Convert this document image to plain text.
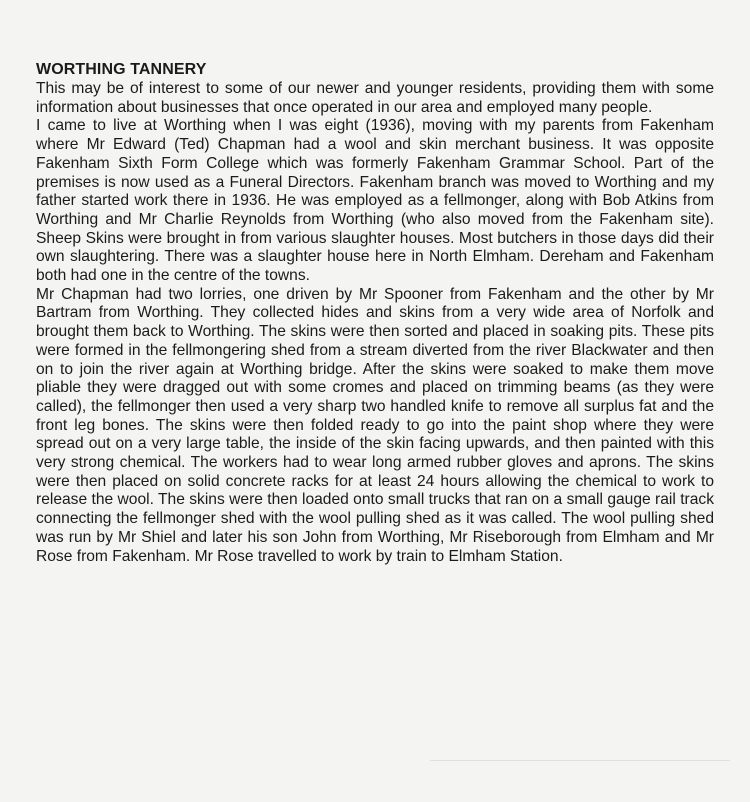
WORTHING TANNERY

This may be of interest to some of our newer and younger residents, providing them with some information about businesses that once operated in our area and employed many people.

I came to live at Worthing when I was eight (1936), moving with my parents from Fakenham where Mr Edward (Ted) Chapman had a wool and skin merchant business. It was opposite Fakenham Sixth Form College which was formerly Fakenham Grammar School. Part of the premises is now used as a Funeral Directors. Fakenham branch was moved to Worthing and my father started work there in 1936. He was employed as a fellmonger, along with Bob Atkins from Worthing and Mr Charlie Reynolds from Worthing (who also moved from the Fakenham site). Sheep Skins were brought in from various slaughter houses. Most butchers in those days did their own slaughtering. There was a slaughter house here in North Elmham. Dereham and Fakenham both had one in the centre of the towns.

Mr Chapman had two lorries, one driven by Mr Spooner from Fakenham and the other by Mr Bartram from Worthing. They collected hides and skins from a very wide area of Norfolk and brought them back to Worthing. The skins were then sorted and placed in soaking pits. These pits were formed in the fellmongering shed from a stream diverted from the river Blackwater and then on to join the river again at Worthing bridge. After the skins were soaked to make them move pliable they were dragged out with some cromes and placed on trimming beams (as they were called), the fellmonger then used a very sharp two handled knife to remove all surplus fat and the front leg bones. The skins were then folded ready to go into the paint shop where they were spread out on a very large table, the inside of the skin facing upwards, and then painted with this very strong chemical. The workers had to wear long armed rubber gloves and aprons. The skins were then placed on solid concrete racks for at least 24 hours allowing the chemical to work to release the wool. The skins were then loaded onto small trucks that ran on a small gauge rail track connecting the fellmonger shed with the wool pulling shed as it was called. The wool pulling shed was run by Mr Shiel and later his son John from Worthing, Mr Riseborough from Elmham and Mr Rose from Fakenham. Mr Rose travelled to work by train to Elmham Station.
